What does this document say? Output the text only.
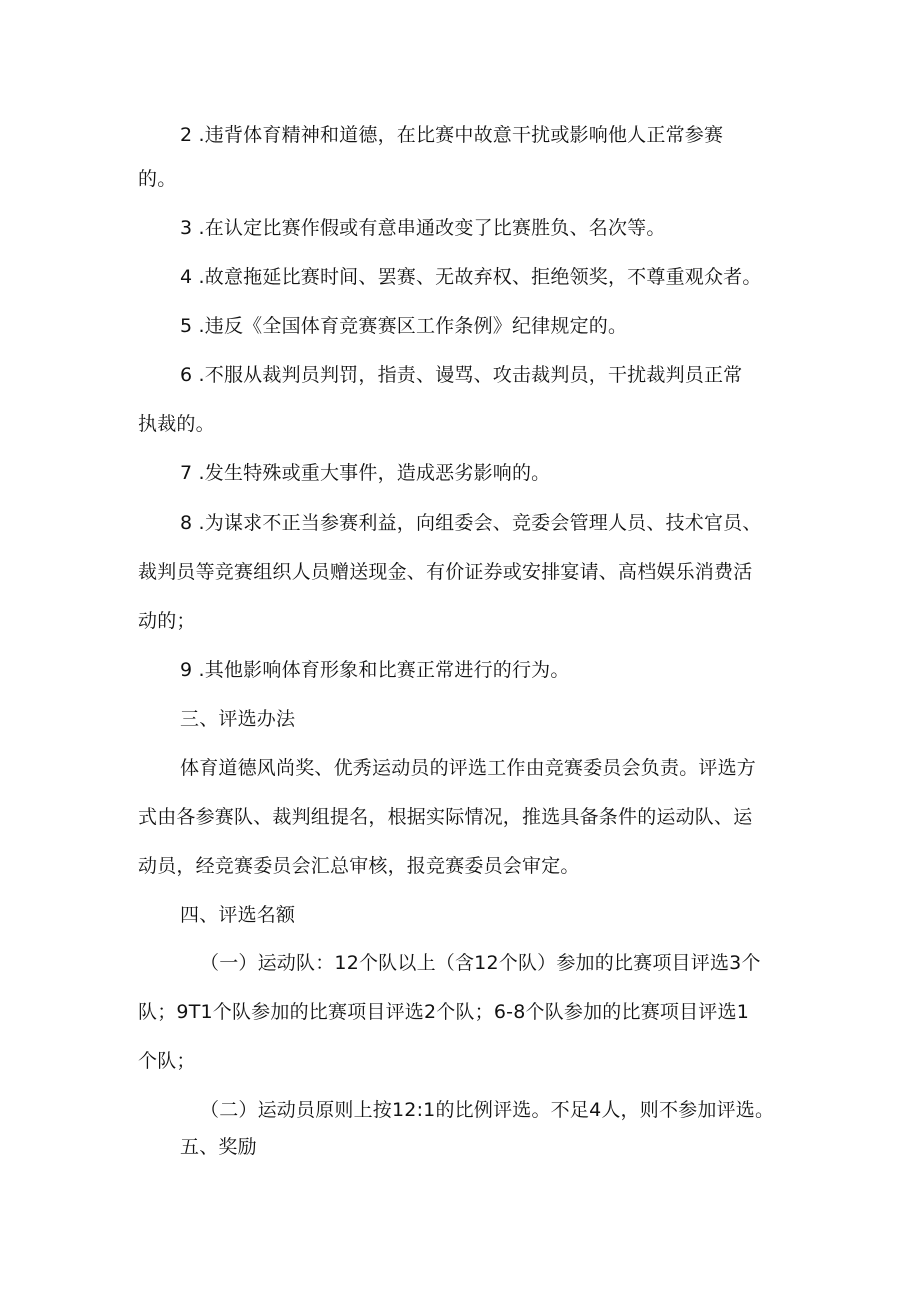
2 .违背体育精神和道德，在比赛中故意干扰或影响他人正常参赛
的。
3 .在认定比赛作假或有意串通改变了比赛胜负、名次等。
4 .故意拖延比赛时间、罢赛、无故弃权、拒绝领奖，不尊重观众者。
5 .违反《全国体育竞赛赛区工作条例》纪律规定的。
6 .不服从裁判员判罚，指责、谩骂、攻击裁判员，干扰裁判员正常
执裁的。
7 .发生特殊或重大事件，造成恶劣影响的。
8 .为谋求不正当参赛利益，向组委会、竞委会管理人员、技术官员、
裁判员等竞赛组织人员赠送现金、有价证券或安排宴请、高档娱乐消费活
动的；
9 .其他影响体育形象和比赛正常进行的行为。
三、评选办法
体育道德风尚奖、优秀运动员的评选工作由竞赛委员会负责。评选方
式由各参赛队、裁判组提名，根据实际情况，推选具备条件的运动队、运
动员，经竞赛委员会汇总审核，报竞赛委员会审定。
四、评选名额
（一）运动队：12个队以上（含12个队）参加的比赛项目评选3个
队；9T1个队参加的比赛项目评选2个队；6-8个队参加的比赛项目评选1
个队；
（二）运动员原则上按12:1的比例评选。不足4人，则不参加评选。
五、奖励
